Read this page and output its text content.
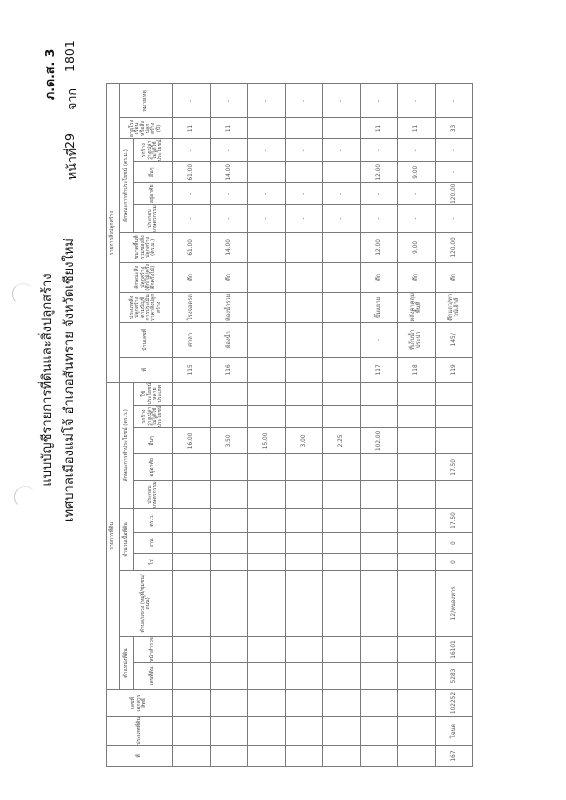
แบบบัญชีรายการที่ดินและสิ่งปลูกสร้าง เทศบาลเมืองแม่โจ้ อำเภอสันทราย จังหวัดเชียงใหม่
ภ.ด.ส. 3
หน้าที่
29
จาก
1801
ที่	ประเภทที่ดิน	เลขที่เอกสารสิทธิ์	รายการที่ดิน											รายการสิ่งปลูกสร้าง										
			ตำแหน่งที่ดิน		ตำบล/แขวง (หมู่ที่/ชุมชน/ถนน)	จำนวนเนื้อที่ดิน			ลักษณะการทำประโยชน์ (ตร.ว.)					ที่	บ้านเลขที่	ประเภทสิ่งปลูกสร้างตามบัญชีการประเมินราคาสิ่งปลูกสร้าง	ลักษณะสิ่งปลูกสร้าง (ตึก/ไม้/ครึ่งตึกครึ่งไม้)	ขนาดพื้นที่รวมของสิ่งปลูกสร้าง (ตร.ม.)	ลักษณะการทำประโยชน์ (ตร.ม.)				อายุโรงเรือนหรือสิ่งปลูกสร้าง (ปี)	หมายเหตุ
			เลขที่ดิน	หน้าสำรวจ		ไร่	งาน	ตร.ว.	ประกอบเกษตรกรรม	อยู่อาศัย	อื่นๆ	รกร้างว่างเปล่า ไม่ได้ใช้ประโยชน์	ใช้ประโยชน์หลายประเภท						ประกอบเกษตรกรรม	อยู่อาศัย	อื่นๆ	รกร้างว่างเปล่า ไม่ได้ใช้ประโยชน์		

											16.00			115	ศาลา	โรงจอดรถ	ตึก	61.00	-	-	61.00	-	11	-
											3.50			116	ห้องน้ำ	ห้องน้ำรวม	ตึก	14.00	-	-	14.00	-	11	-
											15.00								-	-		-		-
											3.00								-	-		-		-
											2.25								-	-		-		-
											102.00			117	-	ปั๊มแยาม	ตึก	12.00	-	-	12.00	-	11	-
														118	ที่เก็บน้ำประปา	หลังคาคลุมพื้นที่	ตึก	9.00	-	-	9.00	-	11	-
167	โฉนด	102252	5283	16101	12/หนองหาร	0	0	17.50		17.50				119	145/	ตึกแถว/ทาวน์เฮ้าส์	ตึก	120.00	-	120.00	-	-	33	-
